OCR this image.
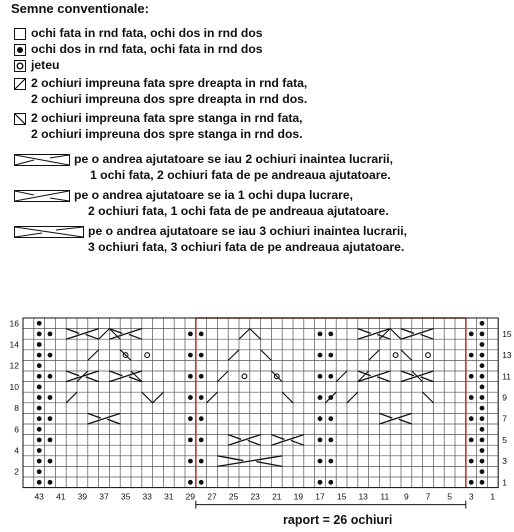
Semne conventionale:
ochi fata in rnd fata, ochi dos in rnd dos
ochi dos in rnd fata, ochi fata in rnd dos
jeteu
2 ochiuri impreuna fata spre dreapta in rnd fata,
2 ochiuri impreuna dos spre dreapta in rnd dos.
2 ochiuri impreuna fata spre stanga in rnd fata,
2 ochiuri impreuna dos spre stanga in rnd dos.
pe o andrea ajutatoare se iau 2 ochiuri inaintea lucrarii,
1 ochi fata, 2 ochiuri fata de pe andreaua ajutatoare.
pe o andrea ajutatoare se ia 1 ochi dupa lucrare,
2 ochiuri fata, 1 ochi fata de pe andreaua ajutatoare.
pe o andrea ajutatoare se iau 3 ochiuri inaintea lucrarii,
3 ochiuri fata, 3 ochiuri fata de pe andreaua ajutatoare.
16
14
12
10
8
6
4
2
15
13
11
9
7
5
3
1
43 41 39 37 35 33 31 29 27 25 23 21 19 17 15 13 11 9 7 5 3 1
raport = 26 ochiuri
